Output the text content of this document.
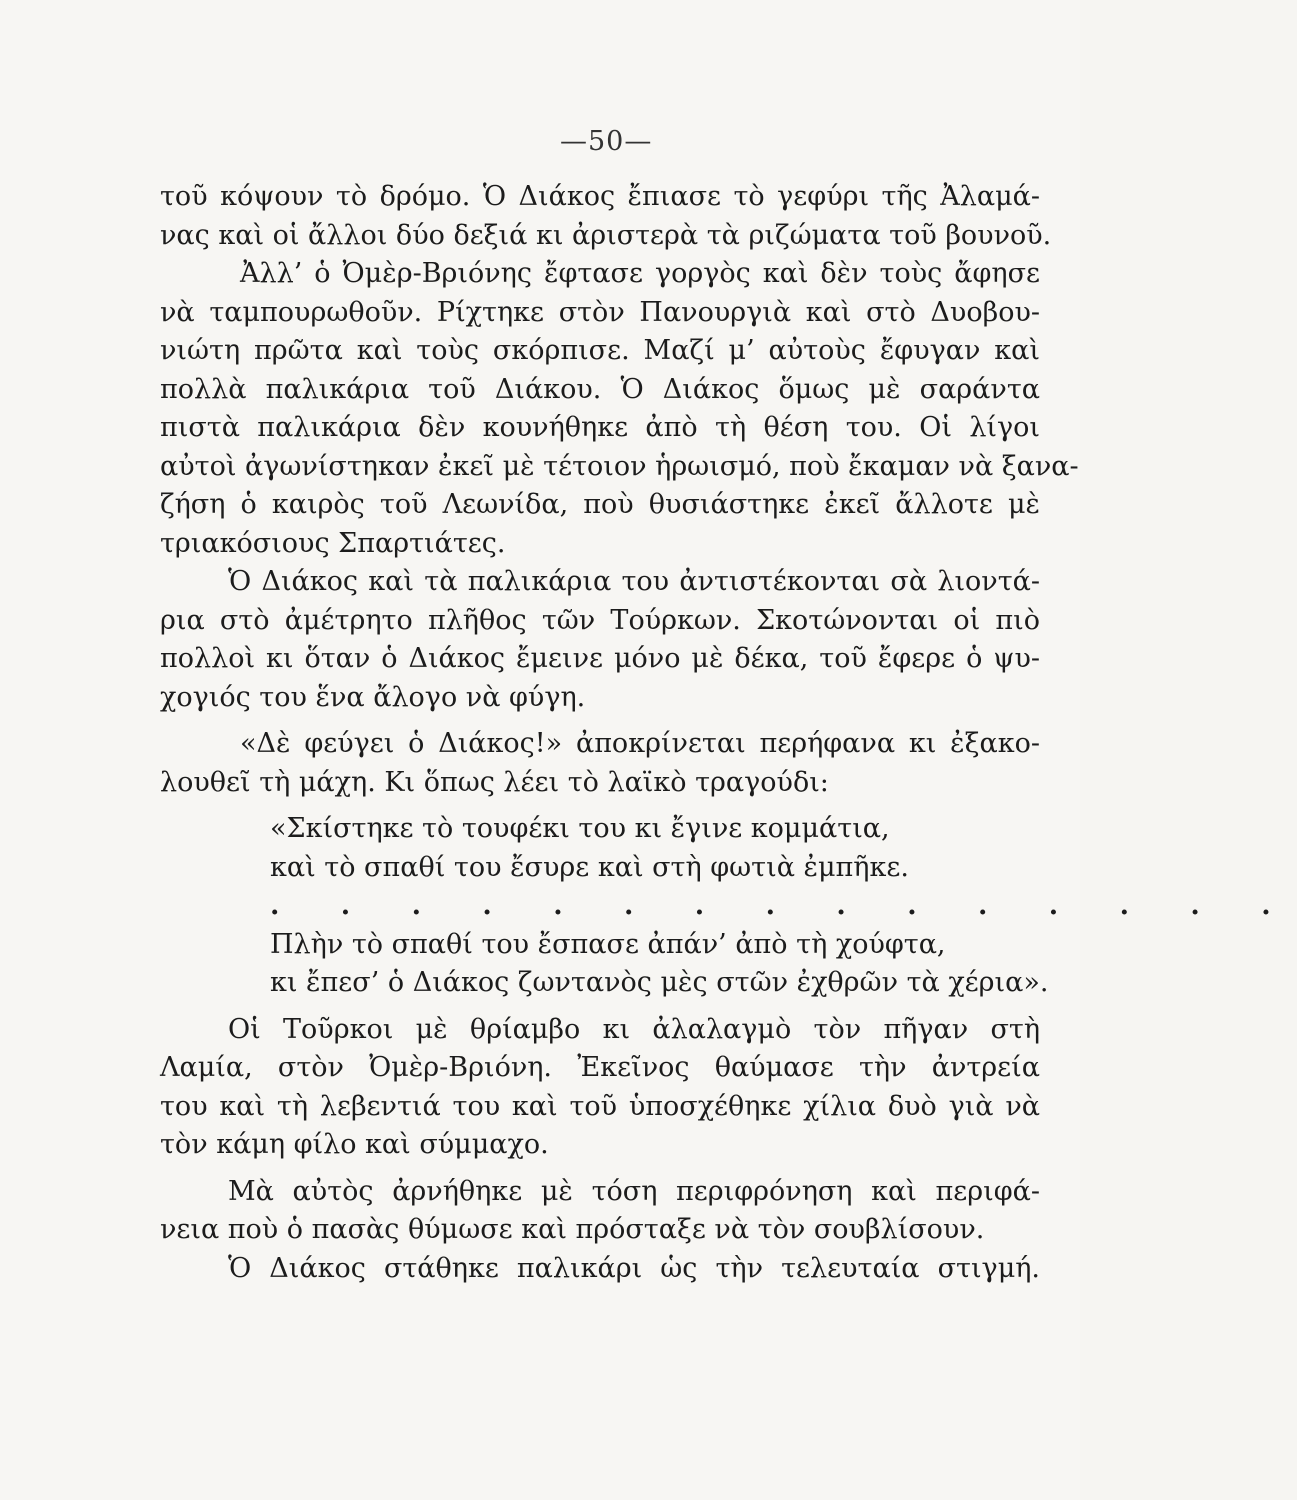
—50—
τοῦ κόψουν τὸ δρόμο. Ὁ Διάκος ἔπιασε τὸ γεφύρι τῆς Ἀλαμά-
νας καὶ οἱ ἄλλοι δύο δεξιά κι ἀριστερὰ τὰ ριζώματα τοῦ βουνοῦ.
Ἀλλ’ ὁ Ὀμὲρ-Βριόνης ἔφτασε γοργὸς καὶ δὲν τοὺς ἄφησε
νὰ ταμπουρωθοῦν. Ρίχτηκε στὸν Πανουργιὰ καὶ στὸ Δυοβου-
νιώτη πρῶτα καὶ τοὺς σκόρπισε. Μαζί μ’ αὐτοὺς ἔφυγαν καὶ
πολλὰ παλικάρια τοῦ Διάκου. Ὁ Διάκος ὅμως μὲ σαράντα
πιστὰ παλικάρια δὲν κουνήθηκε ἀπὸ τὴ θέση του. Οἱ λίγοι
αὐτοὶ ἀγωνίστηκαν ἐκεῖ μὲ τέτοιον ἡρωισμό, ποὺ ἔκαμαν νὰ ξανα-
ζήση ὁ καιρὸς τοῦ Λεωνίδα, ποὺ θυσιάστηκε ἐκεῖ ἄλλοτε μὲ
τριακόσιους Σπαρτιάτες.
Ὁ Διάκος καὶ τὰ παλικάρια του ἀντιστέκονται σὰ λιοντά-
ρια στὸ ἀμέτρητο πλῆθος τῶν Τούρκων. Σκοτώνονται οἱ πιὸ
πολλοὶ κι ὅταν ὁ Διάκος ἔμεινε μόνο μὲ δέκα, τοῦ ἔφερε ὁ ψυ-
χογιός του ἕνα ἄλογο νὰ φύγη.
«Δὲ φεύγει ὁ Διάκος!» ἀποκρίνεται περήφανα κι ἐξακο-
λουθεῖ τὴ μάχη. Κι ὅπως λέει τὸ λαϊκὸ τραγούδι:
«Σκίστηκε τὸ τουφέκι του κι ἔγινε κομμάτια,
καὶ τὸ σπαθί του ἔσυρε καὶ στὴ φωτιὰ ἐμπῆκε.
. . . . . . . . . . . . . . .
Πλὴν τὸ σπαθί του ἔσπασε ἀπάν’ ἀπὸ τὴ χούφτα,
κι ἔπεσ’ ὁ Διάκος ζωντανὸς μὲς στῶν ἐχθρῶν τὰ χέρια».
Οἱ Τοῦρκοι μὲ θρίαμβο κι ἀλαλαγμὸ τὸν πῆγαν στὴ
Λαμία, στὸν Ὀμὲρ-Βριόνη. Ἐκεῖνος θαύμασε τὴν ἀντρεία
του καὶ τὴ λεβεντιά του καὶ τοῦ ὑποσχέθηκε χίλια δυὸ γιὰ νὰ
τὸν κάμη φίλο καὶ σύμμαχο.
Μὰ αὐτὸς ἀρνήθηκε μὲ τόση περιφρόνηση καὶ περιφά-
νεια ποὺ ὁ πασὰς θύμωσε καὶ πρόσταξε νὰ τὸν σουβλίσουν.
Ὁ Διάκος στάθηκε παλικάρι ὡς τὴν τελευταία στιγμή.
